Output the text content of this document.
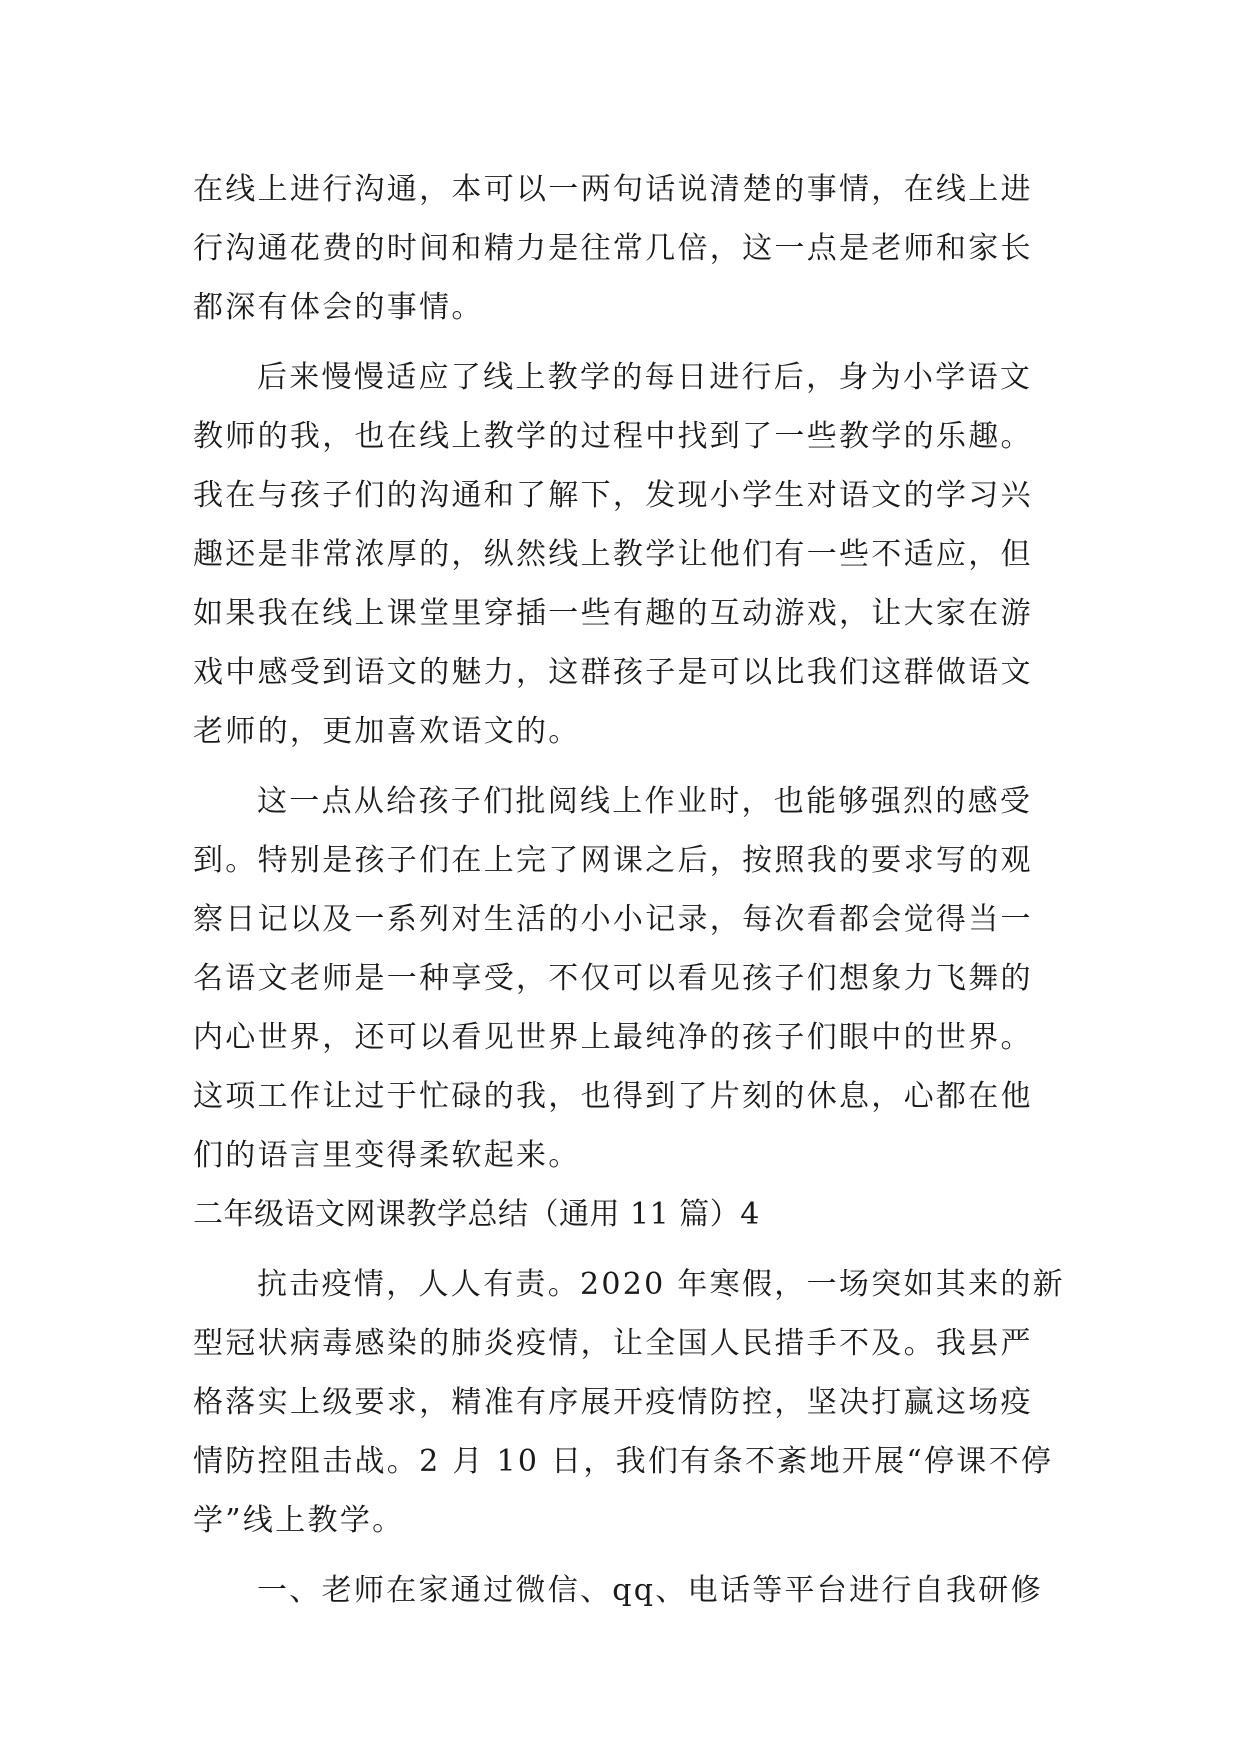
在线上进行沟通，本可以一两句话说清楚的事情，在线上进
行沟通花费的时间和精力是往常几倍，这一点是老师和家长
都深有体会的事情。
后来慢慢适应了线上教学的每日进行后，身为小学语文
教师的我，也在线上教学的过程中找到了一些教学的乐趣。
我在与孩子们的沟通和了解下，发现小学生对语文的学习兴
趣还是非常浓厚的，纵然线上教学让他们有一些不适应，但
如果我在线上课堂里穿插一些有趣的互动游戏，让大家在游
戏中感受到语文的魅力，这群孩子是可以比我们这群做语文
老师的，更加喜欢语文的。
这一点从给孩子们批阅线上作业时，也能够强烈的感受
到。特别是孩子们在上完了网课之后，按照我的要求写的观
察日记以及一系列对生活的小小记录，每次看都会觉得当一
名语文老师是一种享受，不仅可以看见孩子们想象力飞舞的
内心世界，还可以看见世界上最纯净的孩子们眼中的世界。
这项工作让过于忙碌的我，也得到了片刻的休息，心都在他
们的语言里变得柔软起来。
二年级语文网课教学总结（通用 11 篇）4
抗击疫情，人人有责。2020 年寒假，一场突如其来的新
型冠状病毒感染的肺炎疫情，让全国人民措手不及。我县严
格落实上级要求，精准有序展开疫情防控，坚决打赢这场疫
情防控阻击战。2 月 10 日，我们有条不紊地开展“停课不停
学”线上教学。
一、老师在家通过微信、qq、电话等平台进行自我研修
